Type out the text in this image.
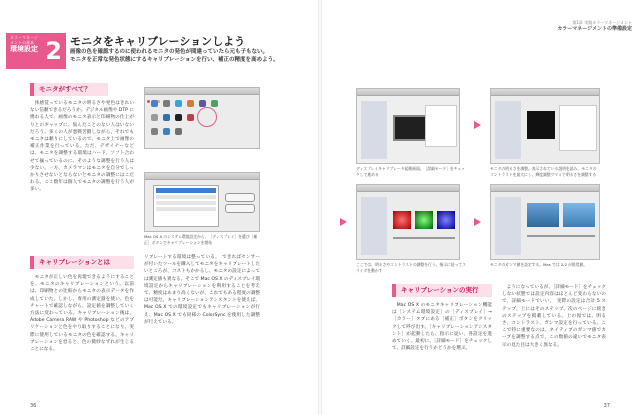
カラーマネージメントの基本
環境設定 2 モニタをキャリブレーションしよう
画像の色を確認するのに使われるモニタの発色が間違っていたら元も子もない。
モニタを正常な発色状態にするキャリブレーションを行い、補正の精度を高めよう。
第1章 実践カラーマネージメント
カラーマネージメントの準備設定
モニタがすべて？
　体感覚っているモニタの明るさや発色はきれいない信頼できるだろうか。デジタル画像や DTP に携わる人で、画像のモニタ表示と印刷物の仕上がりとのギャップに、悩んだことのない人はいないだろう。多くの人が悪戦苦闘しながら、それでもモニタは頼りにしているので、モニタ上で画像の補正作業を行っている。ただ、デザイナーなどは、モニタを調整する環境はハード、ソフト合わせて揃っているのに、そのような調整を行う人は少ない。一方、カメラマンはモニタを自分でしっかりさせないとならないとモニタの調整にはこだわる。ここ数年は個人でモニタの調整を行う人が多い。
キャリブレーションとは
　モニタが正しい色を再現できるようにすることを、モニタのキャリブレーションという。以前は、印刷物との比較からモニタの表示データを作成していた。しかし、専用の測定器を使い、色をチャートで確認しながら、設定値を調整していく方法に変わっている。キャリブレーション後は、Adobe Camera RAW や Photoshop などのアプリケーションと色をやり取りすることになり、実際に使用しているモニタの色を確認する。キャリブレーションを怠ると、色の微妙なずれが生じることになる。

Mac OS X のシステム環境設定から、［ディスプレイ］を選び［補正］ボタンでキャリブレーションを開始
リブレートする環境は整っている。　できればセンサーが付いたツールを購入してモニタをキャリブレートしたいところが、コストもかかるし、モニタの設定によっては測定値も異なる。そこで Mac OS X のディスプレイ環境設定からキャリブレーションを利用することを考えて、精度はあまり高くないが、これでもある程度の調整は可能だ。キャリブレーションアシスタントを使えば、Mac OS X での環境設定でもキャリブレーションが行え、Mac OS X でも同様の ColorSync を使用した調整が行えている。
36
ディスプレイキャリブレータ起動画面。［詳細モード］をチェックして進める
モニタの明るさを調整。表示されている説明を読み、モニタのコントラストを最大にし、輝度調整ツマミで明るさを調整する
ここでは、明るさやコントラストの調整を行う。指示に従ってスライダを動かす
モニタのガンマ値を設定する。Mac では 2.2 が推奨値。
キャリブレーションの実行
　Mac OS X のモニタキャリブレーション機能は［システム環境設定］の［ディスプレイ］→［カラー］タブにある［補正］ボタンをクリックして呼び出す。［キャリブレーションアシスタント］が起動したら、指示に従い、各設定を進めていく。最初に、［詳細モード］をチェックして、詳細設定を行うかどうかを選ぶ。
　ようになっているが、［詳細モード］をチェックしない状態では設定内容はほとんど変わらないので、詳細モードでいい。　実際の設定は合計 5 ステップ。上にはそのステップ、次のページに続きのステップを掲載している。上の図では、明るさ、コントラスト、ガンマ設定を行っている。ここで特に重要なのは、ネイティブのガンマ値でカーブを調整する点で、この数値の違いでモニタ表示の見た目は大きく異なる。
37
